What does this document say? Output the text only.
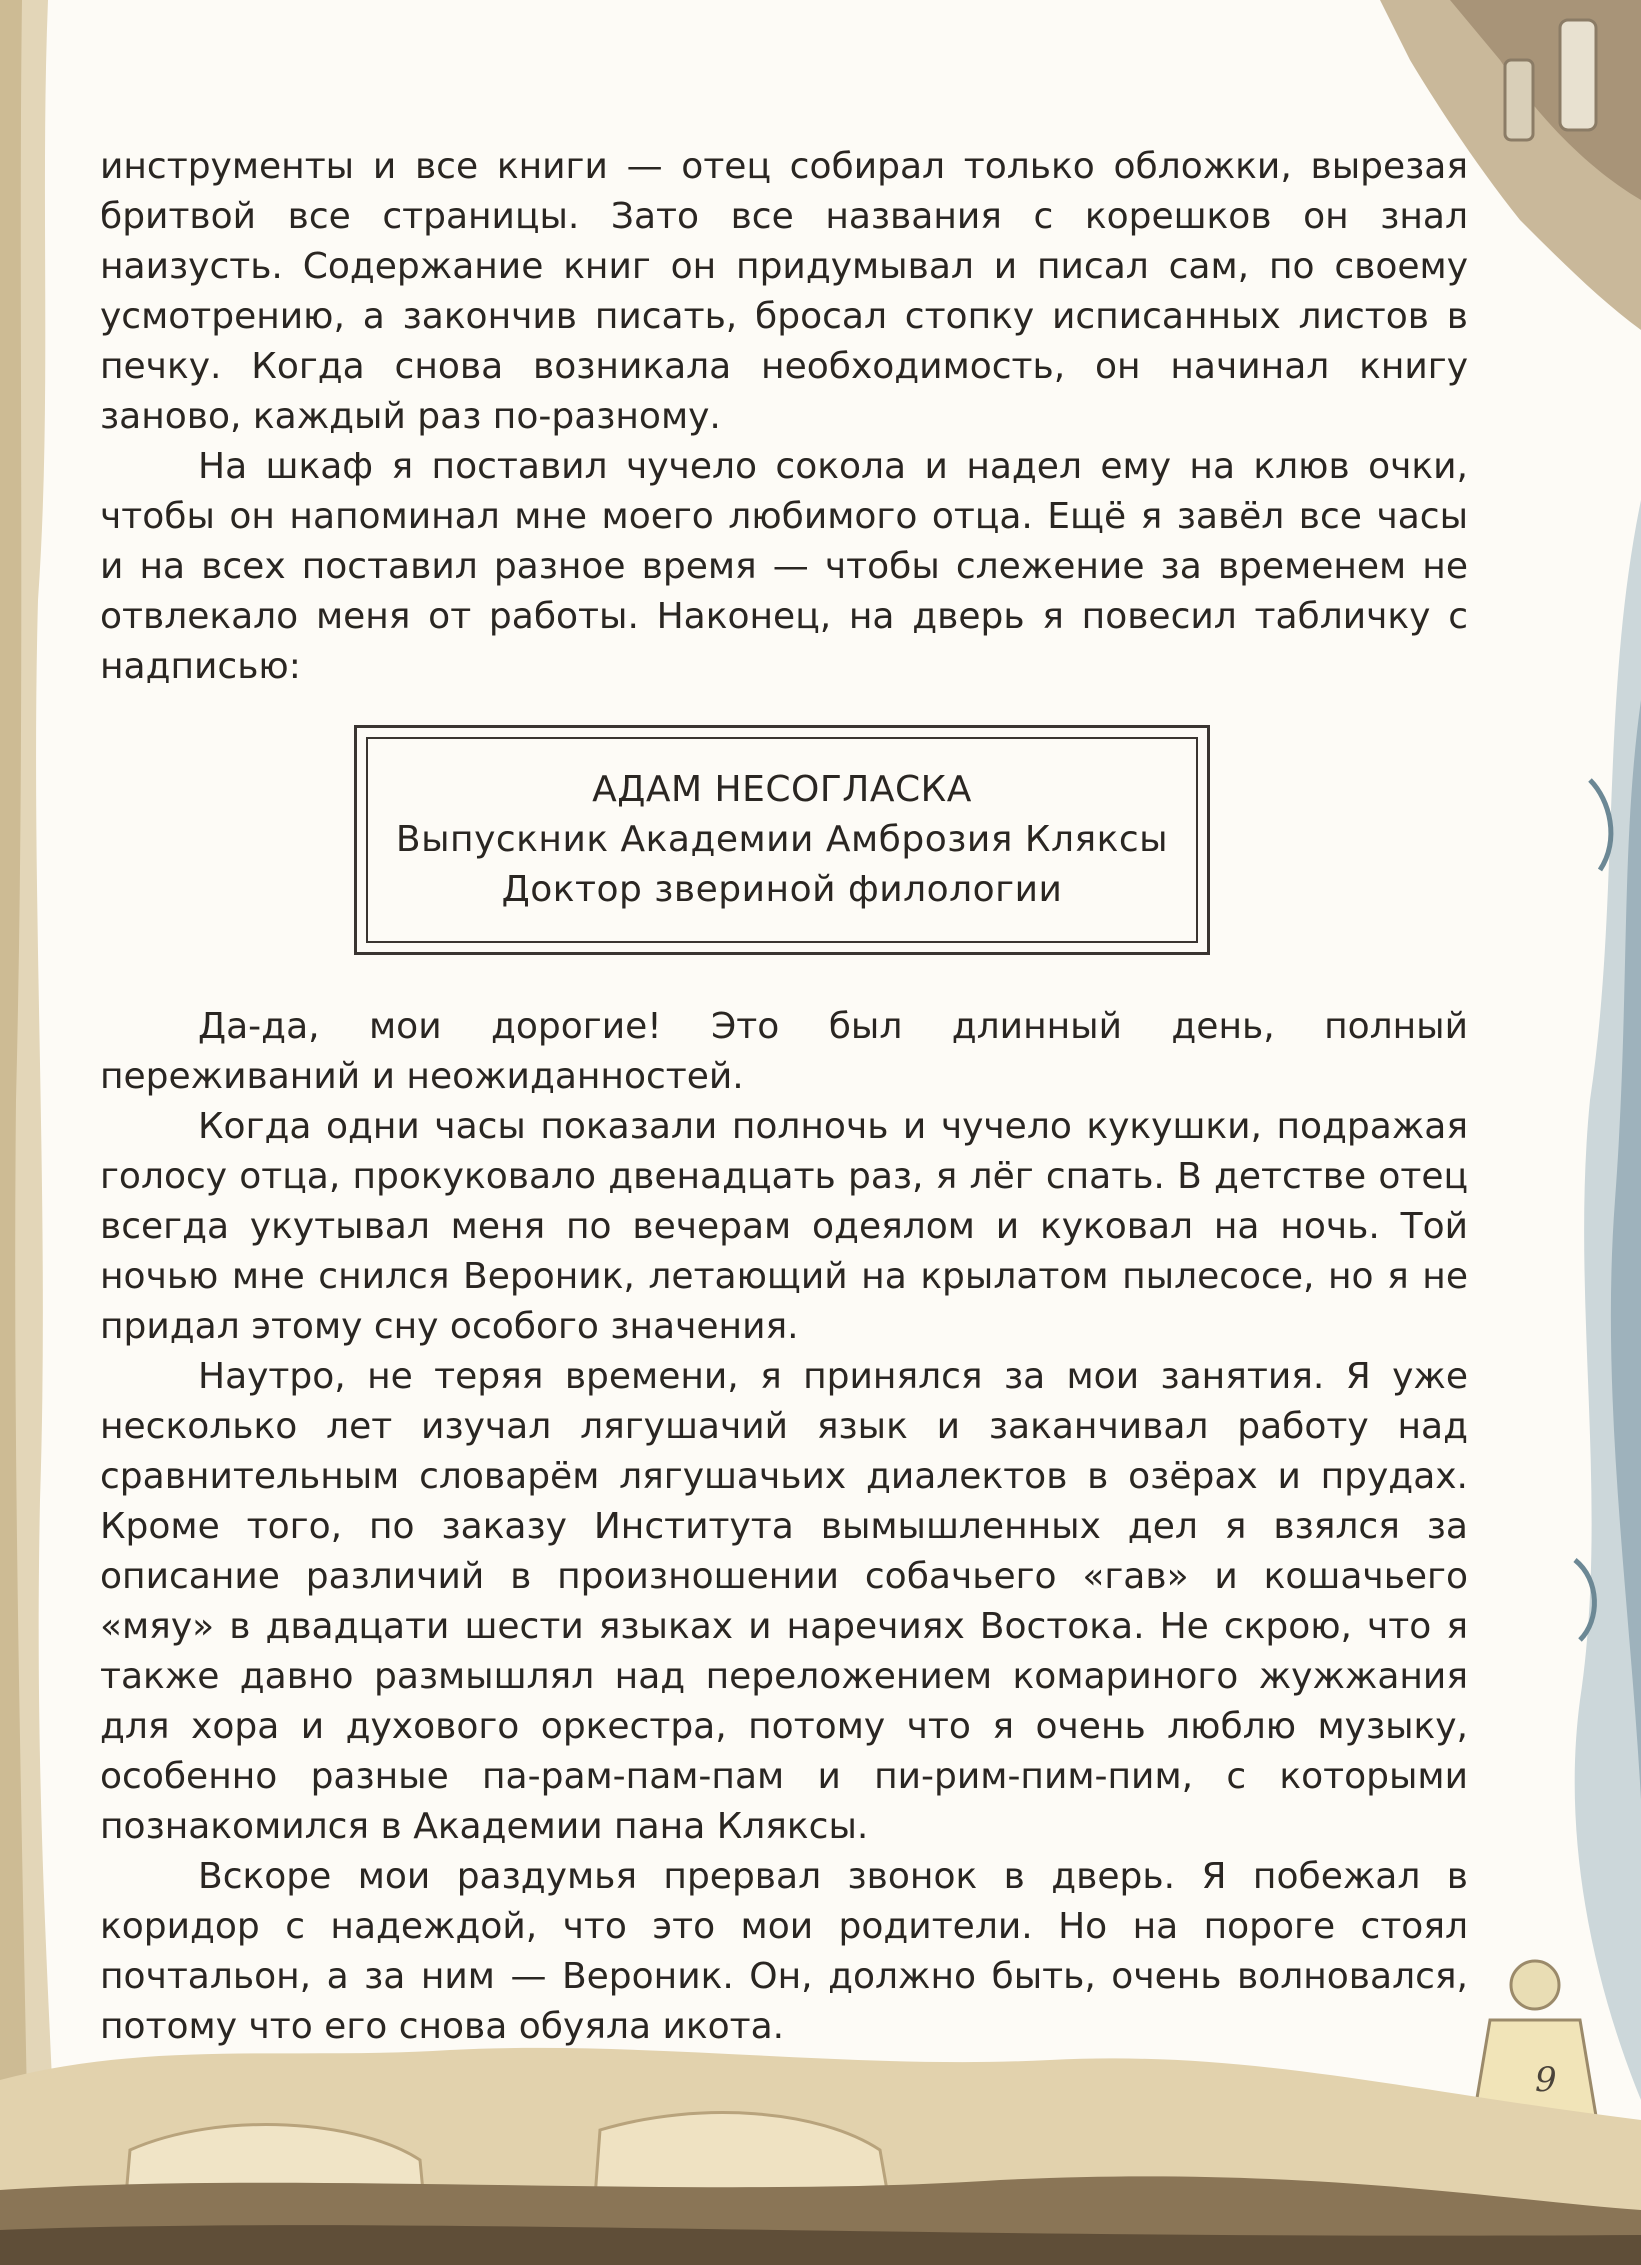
инструменты и все книги — отец собирал только обложки, вырезая бритвой все страницы. Зато все названия с корешков он знал наизусть. Содержание книг он придумывал и писал сам, по своему усмотрению, а закончив писать, бросал стопку исписанных листов в печку. Когда снова возникала необходимость, он начинал книгу заново, каждый раз по-разному.

На шкаф я поставил чучело сокола и надел ему на клюв очки, чтобы он напоминал мне моего любимого отца. Ещё я завёл все часы и на всех поставил разное время — чтобы слежение за временем не отвлекало меня от работы. Наконец, на дверь я повесил табличку с надписью:

Да-да, мои дорогие! Это был длинный день, полный переживаний и неожиданностей.

Когда одни часы показали полночь и чучело кукушки, подражая голосу отца, прокуковало двенадцать раз, я лёг спать. В детстве отец всегда укутывал меня по вечерам одеялом и куковал на ночь. Той ночью мне снился Вероник, летающий на крылатом пылесосе, но я не придал этому сну особого значения.

Наутро, не теряя времени, я принялся за мои занятия. Я уже несколько лет изучал лягушачий язык и заканчивал работу над сравнительным словарём лягушачьих диалектов в озёрах и прудах. Кроме того, по заказу Института вымышленных дел я взялся за описание различий в произношении собачьего «гав» и кошачьего «мяу» в двадцати шести языках и наречиях Востока. Не скрою, что я также давно размышлял над переложением комариного жужжания для хора и духового оркестра, потому что я очень люблю музыку, особенно разные па-рам-пам-пам и пи-рим-пим-пим, с которыми познакомился в Академии пана Кляксы.

Вскоре мои раздумья прервал звонок в дверь. Я побежал в коридор с надеждой, что это мои родители. Но на пороге стоял почтальон, а за ним — Вероник. Он, должно быть, очень волновался, потому что его снова обуяла икота.

АДАМ НЕСОГЛАСКА
Выпускник Академии Амброзия Кляксы
Доктор звериной филологии
9
